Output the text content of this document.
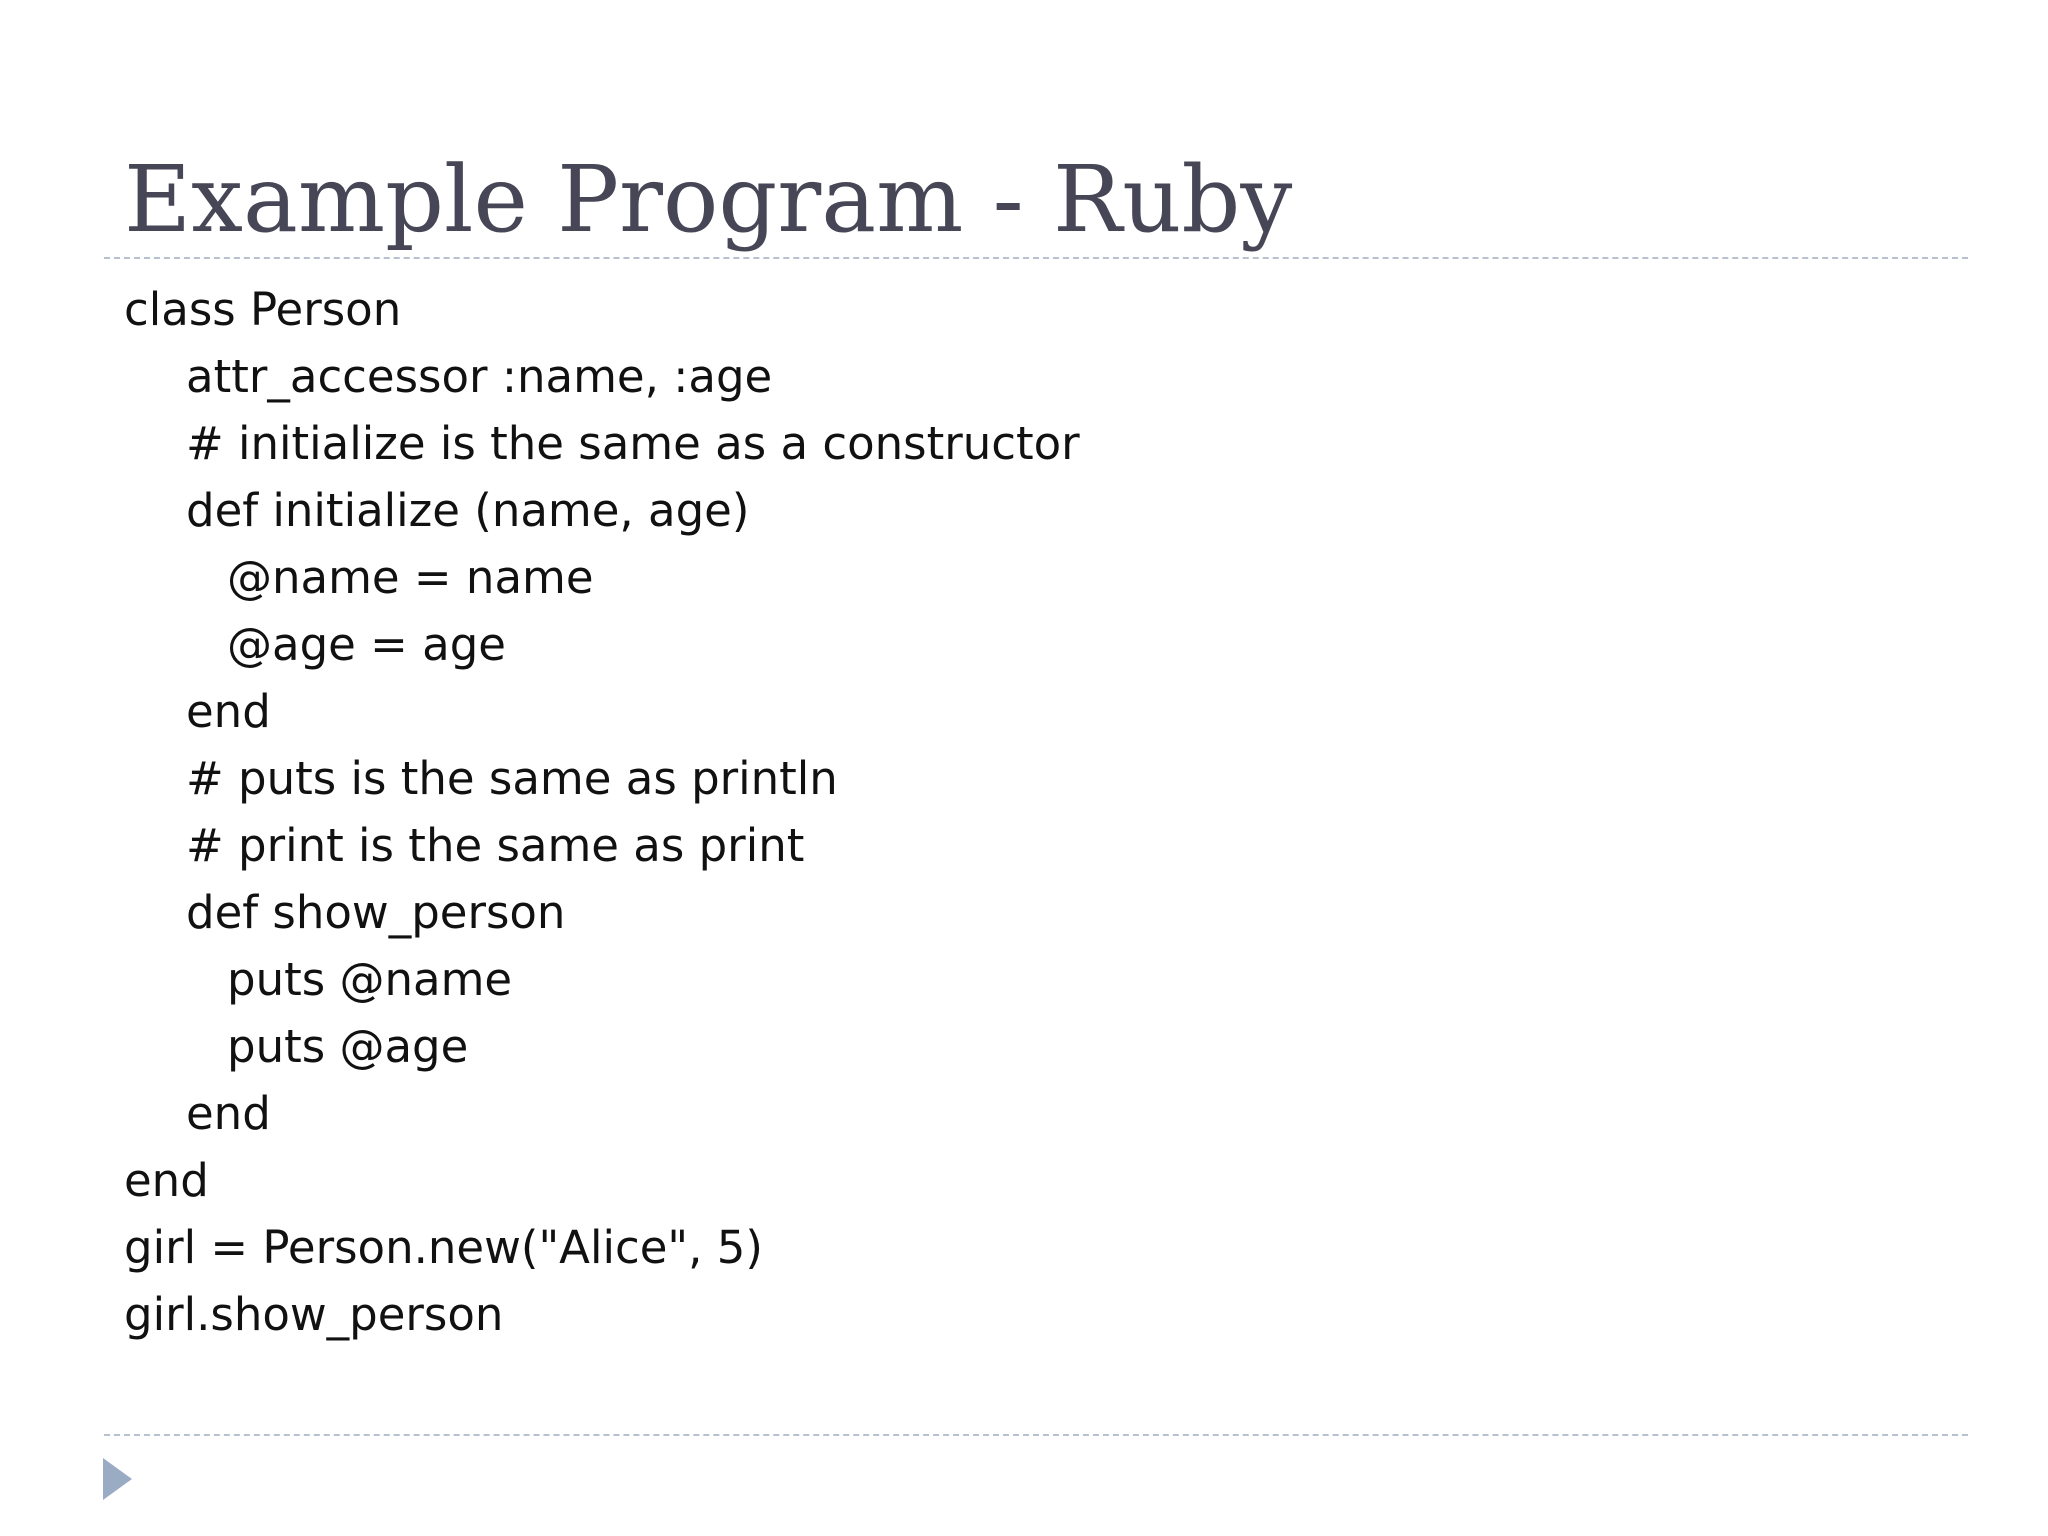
Example Program - Ruby
class Person
attr_accessor :name, :age
# initialize is the same as a constructor
def initialize (name, age)
@name = name
@age = age
end
# puts is the same as println
# print is the same as print
def show_person
puts @name
puts @age
end
end
girl = Person.new("Alice", 5)
girl.show_person
